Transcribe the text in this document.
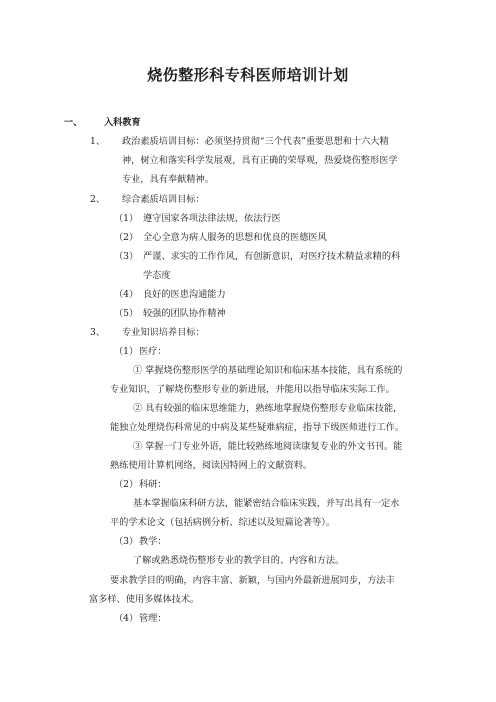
烧伤整形科专科医师培训计划
一、 入科教育
1、 政治素质培训目标：必须坚持贯彻“三个代表”重要思想和十六大精
神，树立和落实科学发展观，具有正确的荣辱观，热爱烧伤整形医学
专业，具有奉献精神。
2、 综合素质培训目标：
（1） 遵守国家各项法律法规，依法行医
（2） 全心全意为病人服务的思想和优良的医德医风
（3） 严谨、求实的工作作风，有创新意识，对医疗技术精益求精的科
学态度
（4） 良好的医患沟通能力
（5） 较强的团队协作精神
3、 专业知识培养目标：
（1） 医疗：
① 掌握烧伤整形医学的基础理论知识和临床基本技能，具有系统的
专业知识，了解烧伤整形专业的新进展，并能用以指导临床实际工作。
② 具有较强的临床思维能力，熟练地掌握烧伤整形专业临床技能，
能独立处理烧伤科常见的中病及某些疑难病症，指导下级医师进行工作。
③ 掌握一门专业外语，能比较熟练地阅读康复专业的外文书刊。能
熟练使用计算机网络，阅读因特网上的文献资料。
（2） 科研：
基本掌握临床科研方法，能紧密结合临床实践，并写出具有一定水
平的学术论文（包括病例分析、综述以及短篇论著等）。
（3） 教学：
了解或熟悉烧伤整形专业的教学目的、内容和方法。
要求教学目的明确，内容丰富、新颖，与国内外最新进展同步，方法丰
富多样、使用多媒体技术。
（4） 管理：
